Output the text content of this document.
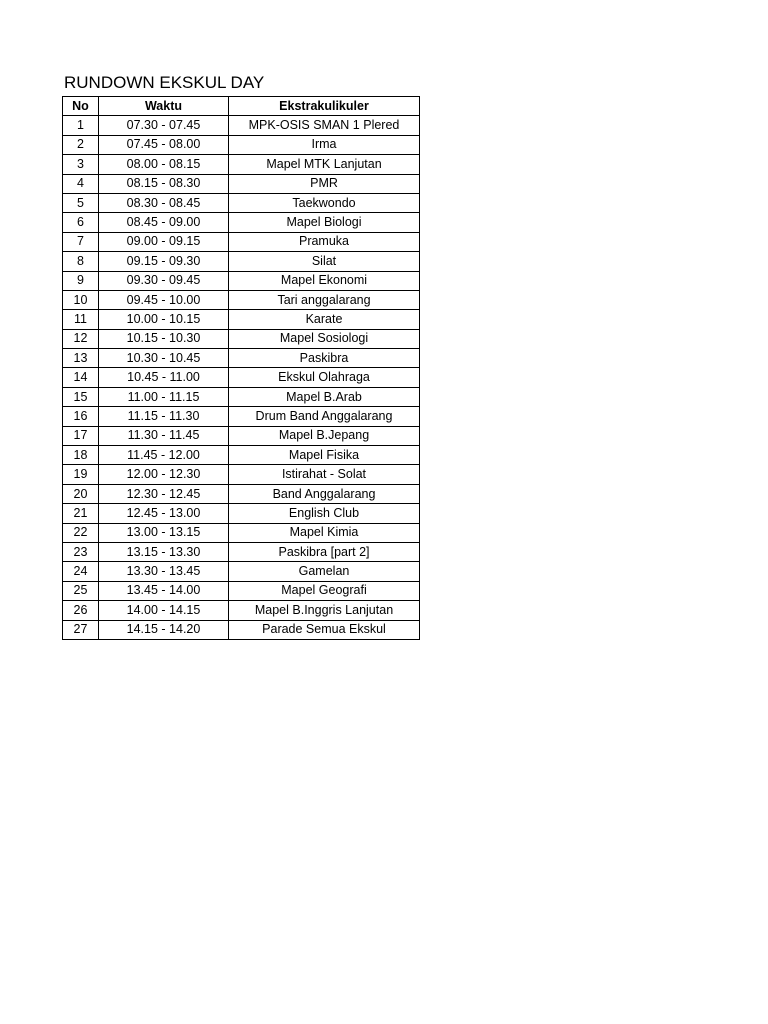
RUNDOWN EKSKUL DAY
No	Waktu	Ekstrakulikuler
1	07.30 - 07.45	MPK-OSIS SMAN 1 Plered
2	07.45 - 08.00	Irma
3	08.00 - 08.15	Mapel MTK Lanjutan
4	08.15 - 08.30	PMR
5	08.30 - 08.45	Taekwondo
6	08.45 - 09.00	Mapel Biologi
7	09.00 - 09.15	Pramuka
8	09.15 - 09.30	Silat
9	09.30 - 09.45	Mapel Ekonomi
10	09.45 - 10.00	Tari anggalarang
11	10.00 - 10.15	Karate
12	10.15 - 10.30	Mapel Sosiologi
13	10.30 - 10.45	Paskibra
14	10.45 - 11.00	Ekskul Olahraga
15	11.00 - 11.15	Mapel B.Arab
16	11.15 - 11.30	Drum Band Anggalarang
17	11.30 - 11.45	Mapel B.Jepang
18	11.45 - 12.00	Mapel Fisika
19	12.00 - 12.30	Istirahat - Solat
20	12.30 - 12.45	Band Anggalarang
21	12.45 - 13.00	English Club
22	13.00 - 13.15	Mapel Kimia
23	13.15 - 13.30	Paskibra [part 2]
24	13.30 - 13.45	Gamelan
25	13.45 - 14.00	Mapel Geografi
26	14.00 - 14.15	Mapel B.Inggris Lanjutan
27	14.15 - 14.20	Parade Semua Ekskul
